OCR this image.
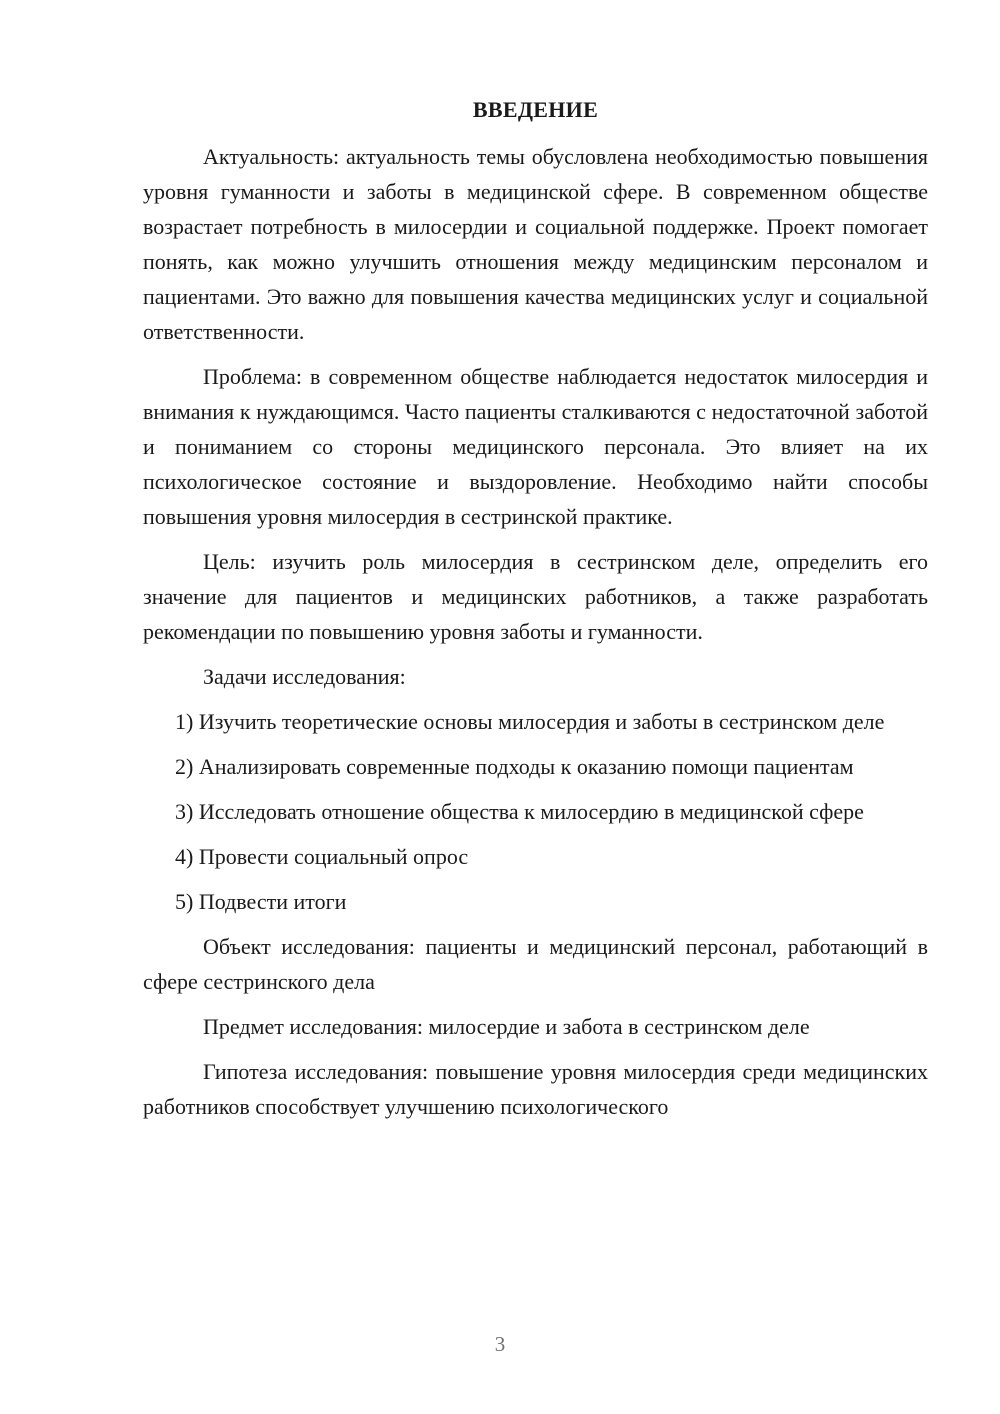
ВВЕДЕНИЕ

Актуальность: актуальность темы обусловлена необходимостью повышения уровня гуманности и заботы в медицинской сфере. В современном обществе возрастает потребность в милосердии и социальной поддержке. Проект помогает понять, как можно улучшить отношения между медицинским персоналом и пациентами. Это важно для повышения качества медицинских услуг и социальной ответственности.

Проблема: в современном обществе наблюдается недостаток милосердия и внимания к нуждающимся. Часто пациенты сталкиваются с недостаточной заботой и пониманием со стороны медицинского персонала. Это влияет на их психологическое состояние и выздоровление. Необходимо найти способы повышения уровня милосердия в сестринской практике.

Цель: изучить роль милосердия в сестринском деле, определить его значение для пациентов и медицинских работников, а также разработать рекомендации по повышению уровня заботы и гуманности.

Задачи исследования:

1) Изучить теоретические основы милосердия и заботы в сестринском деле

2) Анализировать современные подходы к оказанию помощи пациентам

3) Исследовать отношение общества к милосердию в медицинской сфере

4) Провести социальный опрос

5) Подвести итоги

Объект исследования: пациенты и медицинский персонал, работающий в сфере сестринского дела

Предмет исследования: милосердие и забота в сестринском деле

Гипотеза исследования: повышение уровня милосердия среди медицинских работников способствует улучшению психологического

3
